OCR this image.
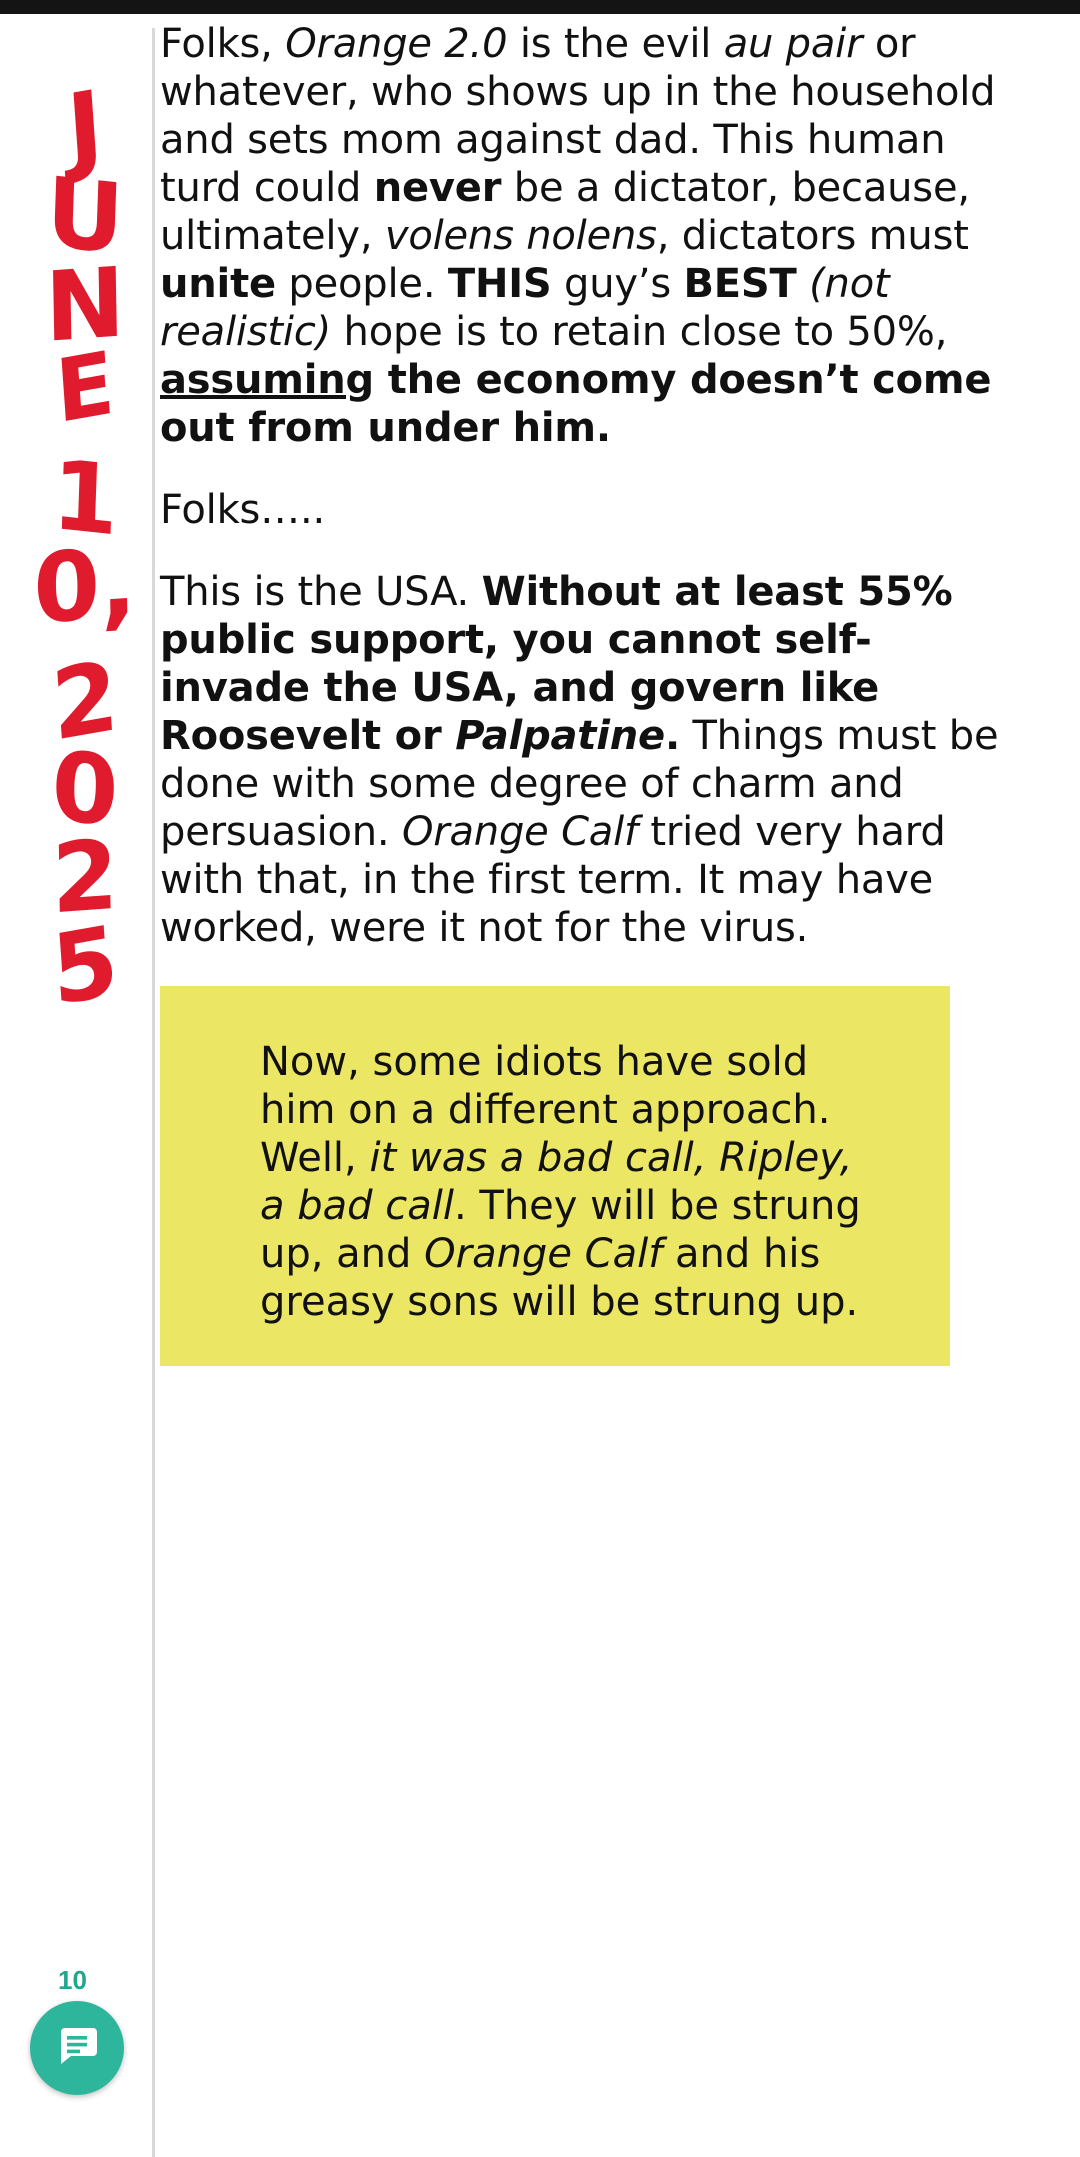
J
U
N
E
1
0,
2
0
2
5

Folks, Orange 2.0 is the evil au pair or whatever, who shows up in the household and sets mom against dad. This human turd could never be a dictator, because, ultimately, volens nolens, dictators must unite people. THIS guy’s BEST (not realistic) hope is to retain close to 50%, assuming the economy doesn’t come out from under him.

Folks…..

This is the USA. Without at least 55% public support, you cannot self-invade the USA, and govern like Roosevelt or Palpatine. Things must be done with some degree of charm and persuasion. Orange Calf tried very hard with that, in the first term. It may have worked, were it not for the virus.

Now, some idiots have sold him on a different approach. Well, it was a bad call, Ripley, a bad call. They will be strung up, and Orange Calf and his greasy sons will be strung up.

10
